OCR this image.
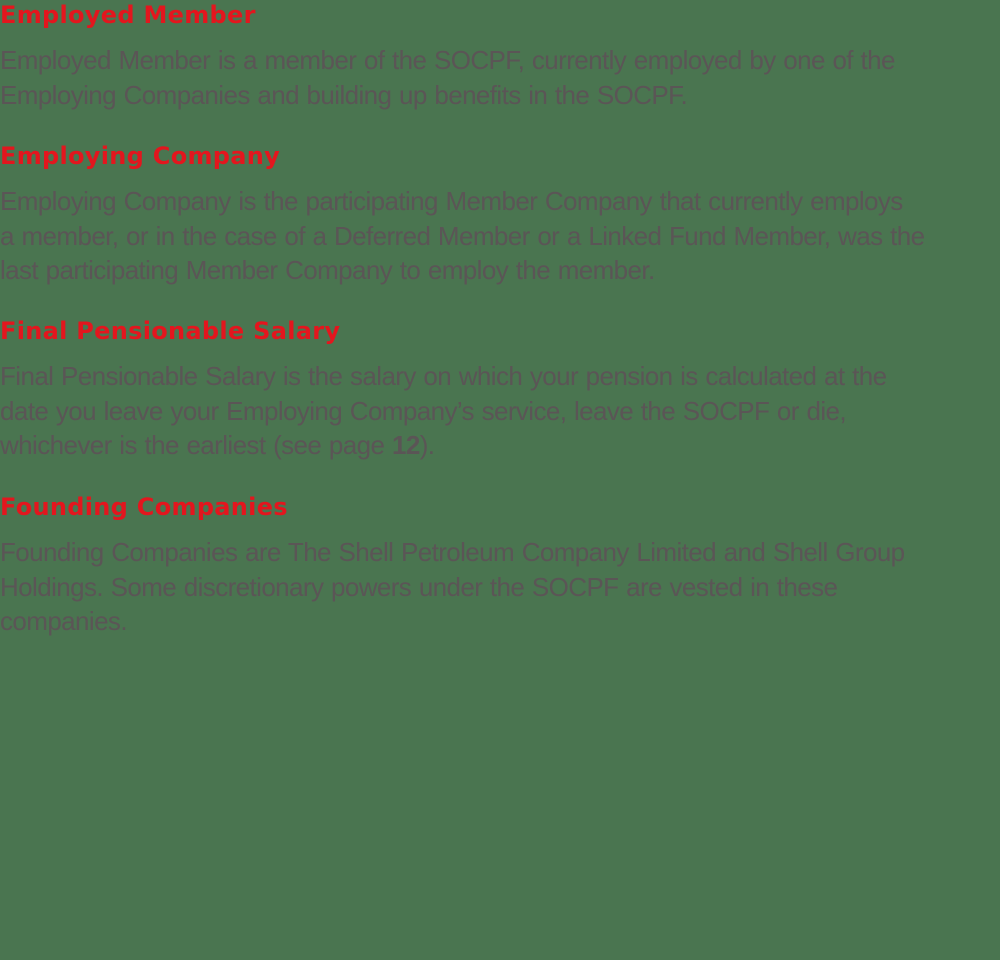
Employed Member

Employed Member is a member of the SOCPF, currently employed by one of the
Employing Companies and building up benefits in the SOCPF.

Employing Company

Employing Company is the participating Member Company that currently employs
a member, or in the case of a Deferred Member or a Linked Fund Member, was the
last participating Member Company to employ the member.

Final Pensionable Salary

Final Pensionable Salary is the salary on which your pension is calculated at the
date you leave your Employing Company’s service, leave the SOCPF or die,
whichever is the earliest (see page 12).

Founding Companies

Founding Companies are The Shell Petroleum Company Limited and Shell Group
Holdings. Some discretionary powers under the SOCPF are vested in these
companies.
